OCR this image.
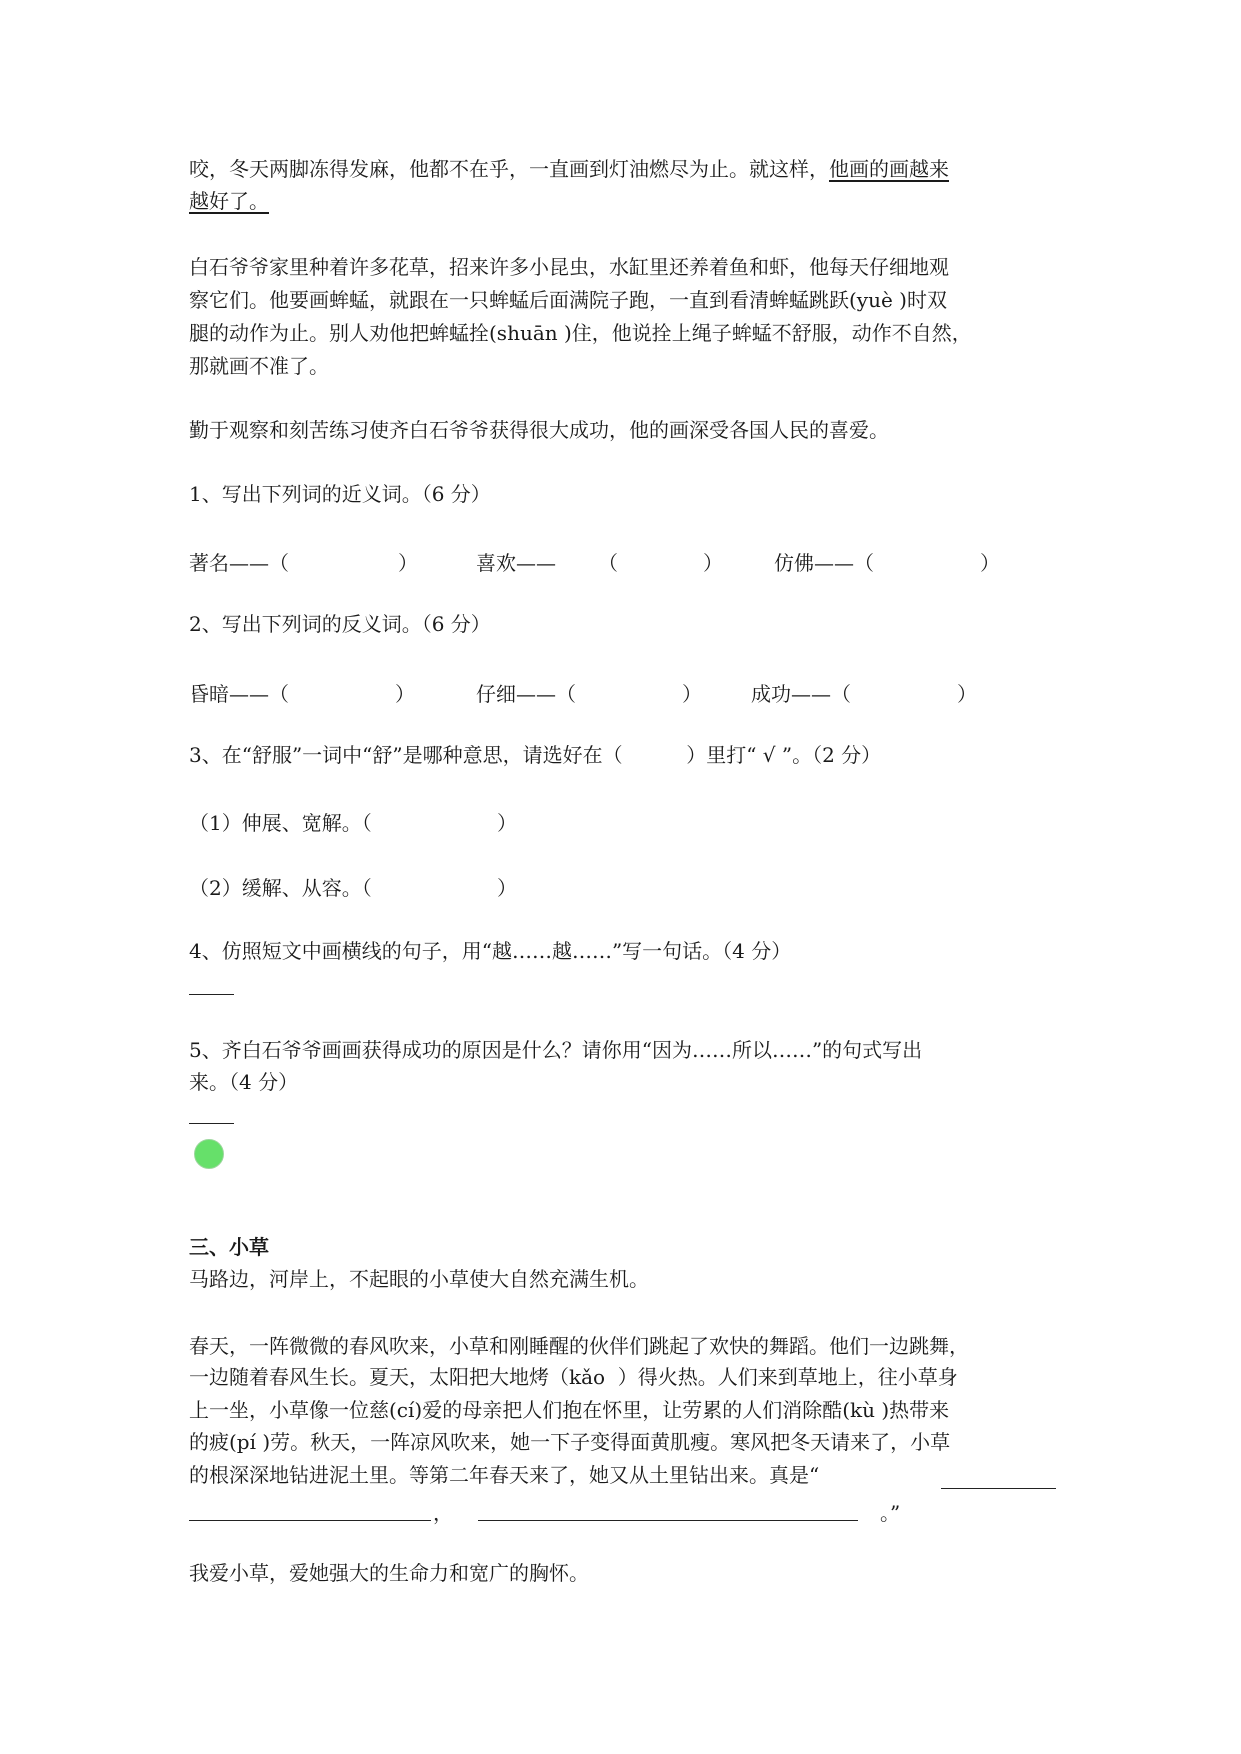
咬，冬天两脚冻得发麻，他都不在乎，一直画到灯油燃尽为止。就这样，他画的画越来
越好了。
白石爷爷家里种着许多花草，招来许多小昆虫，水缸里还养着鱼和虾，他每天仔细地观
察它们。他要画蛑蜢，就跟在一只蛑蜢后面满院子跑，一直到看清蛑蜢跳跃(yuè )时双
腿的动作为止。别人劝他把蛑蜢拴(shuān )住，他说拴上绳子蛑蜢不舒服，动作不自然，
那就画不准了。
勤于观察和刻苦练习使齐白石爷爷获得很大成功，他的画深受各国人民的喜爱。
1、写出下列词的近义词。（6 分）
著名——（	）	喜欢—— （	）	仿佛——（	）
2、写出下列词的反义词。（6 分）
昏暗——（	）	仔细——（	） 成功——（	）
3、在“舒服”一词中“舒”是哪种意思，请选好在（          ）里打“ √ ”。（2 分）
（1）伸展、宽解。（	）
（2）缓解、从容。（	）
4、仿照短文中画横线的句子，用“越……越……”写一句话。（4 分）
5、齐白石爷爷画画获得成功的原因是什么？请你用“因为……所以……”的句式写出
来。（4 分）
三、小草
马路边，河岸上，不起眼的小草使大自然充满生机。
春天，一阵微微的春风吹来，小草和刚睡醒的伙伴们跳起了欢快的舞蹈。他们一边跳舞，
一边随着春风生长。夏天，太阳把大地烤（kǎo  ）得火热。人们来到草地上，往小草身
上一坐，小草像一位慈(cí)爱的母亲把人们抱在怀里，让劳累的人们消除酷(kù )热带来
的疲(pí )劳。秋天，一阵凉风吹来，她一下子变得面黄肌瘦。寒风把冬天请来了，小草
的根深深地钻进泥土里。等第二年春天来了，她又从土里钻出来。真是“
，	。”
我爱小草，爱她强大的生命力和宽广的胸怀。
